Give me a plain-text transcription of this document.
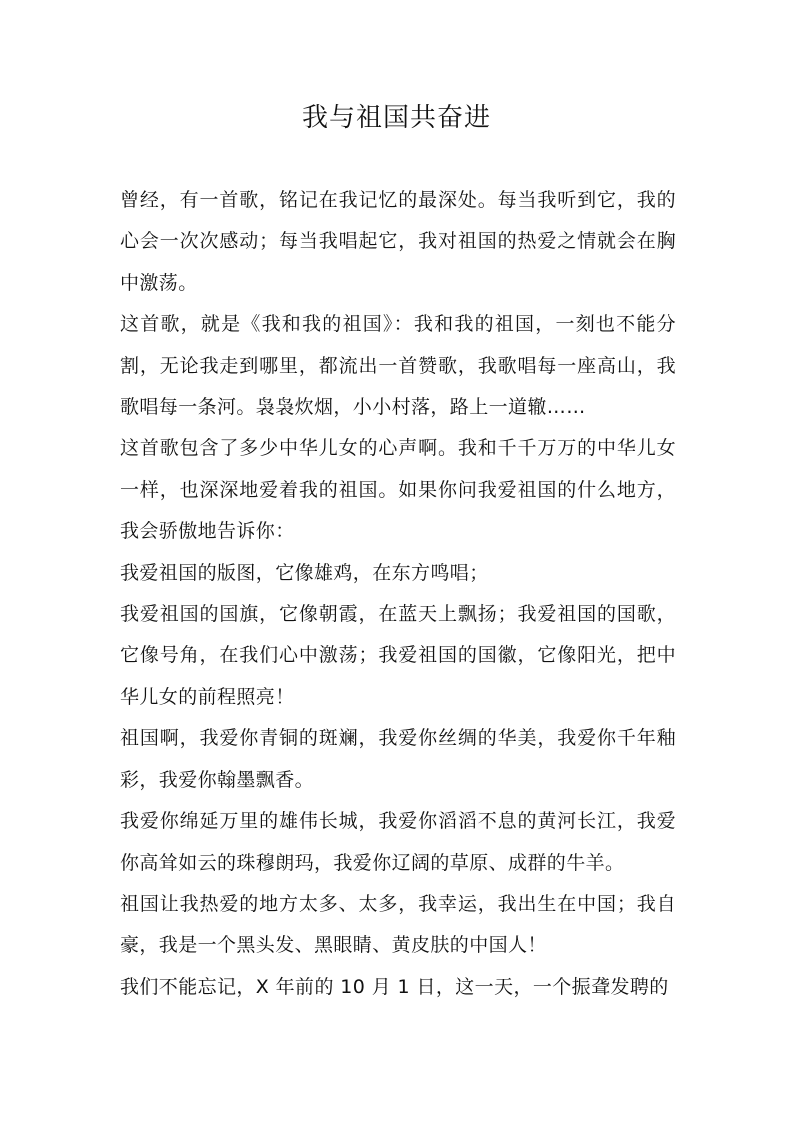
我与祖国共奋进

曾经，有一首歌，铭记在我记忆的最深处。每当我听到它，我的心会一次次感动；每当我唱起它，我对祖国的热爱之情就会在胸中激荡。

这首歌，就是《我和我的祖国》：我和我的祖国，一刻也不能分割，无论我走到哪里，都流出一首赞歌，我歌唱每一座高山，我歌唱每一条河。袅袅炊烟，小小村落，路上一道辙……

这首歌包含了多少中华儿女的心声啊。我和千千万万的中华儿女一样，也深深地爱着我的祖国。如果你问我爱祖国的什么地方，我会骄傲地告诉你：

我爱祖国的版图，它像雄鸡，在东方鸣唱；

我爱祖国的国旗，它像朝霞，在蓝天上飘扬；我爱祖国的国歌，它像号角，在我们心中激荡；我爱祖国的国徽，它像阳光，把中华儿女的前程照亮！

祖国啊，我爱你青铜的斑斓，我爱你丝绸的华美，我爱你千年釉彩，我爱你翰墨飘香。

我爱你绵延万里的雄伟长城，我爱你滔滔不息的黄河长江，我爱你高耸如云的珠穆朗玛，我爱你辽阔的草原、成群的牛羊。

祖国让我热爱的地方太多、太多，我幸运，我出生在中国；我自豪，我是一个黑头发、黑眼睛、黄皮肤的中国人！

我们不能忘记，X 年前的 10 月 1 日，这一天，一个振聋发聘的
